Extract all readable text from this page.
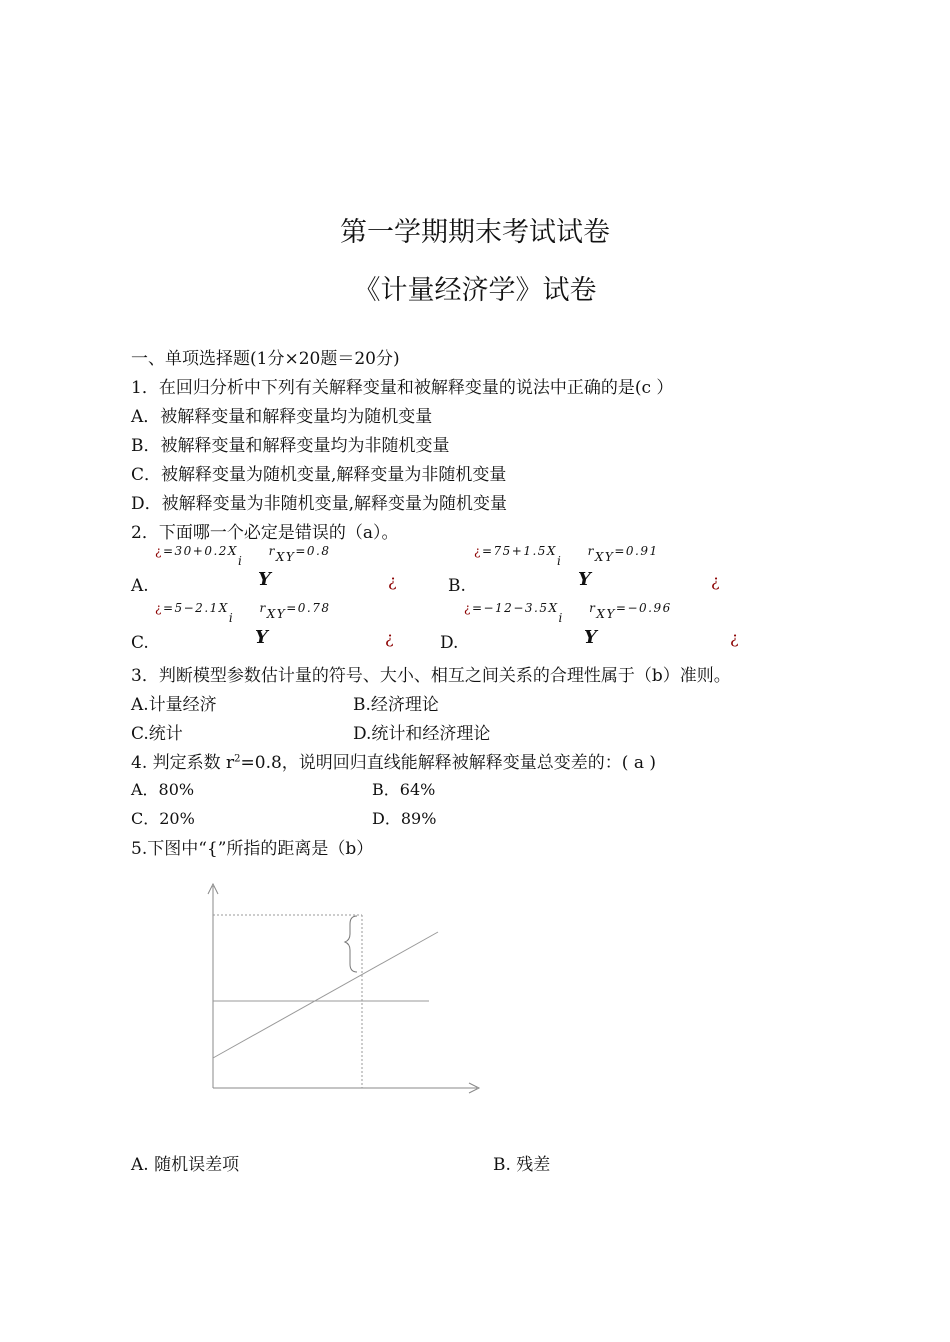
第一学期期末考试试卷
《计量经济学》试卷
一、单项选择题(1分×20题＝20分)
1．在回归分析中下列有关解释变量和被解释变量的说法中正确的是(c ）
A．被解释变量和解释变量均为随机变量
B．被解释变量和解释变量均为非随机变量
C．被解释变量为随机变量,解释变量为非随机变量
D．被解释变量为非随机变量,解释变量为随机变量
2．下面哪一个必定是错误的（a）。
¿=30+0.2Xi rXY=0.8
A.	Y	¿
¿=75+1.5Xi rXY=0.91
B.	Y	¿
¿=5−2.1Xi rXY=0.78
C.	Y	¿
¿=−12−3.5Xi rXY=−0.96
D.	Y	¿
3．判断模型参数估计量的符号、大小、相互之间关系的合理性属于（b）准则。
A.计量经济	B.经济理论
C.统计	D.统计和经济理论
4. 判定系数 $r^2=0.8$，说明回归直线能解释被解释变量总变差的：( a )
A．80%	B．64%
C．20%	D．89%
5.下图中“{”所指的距离是（b）
A. 随机误差项	B. 残差
